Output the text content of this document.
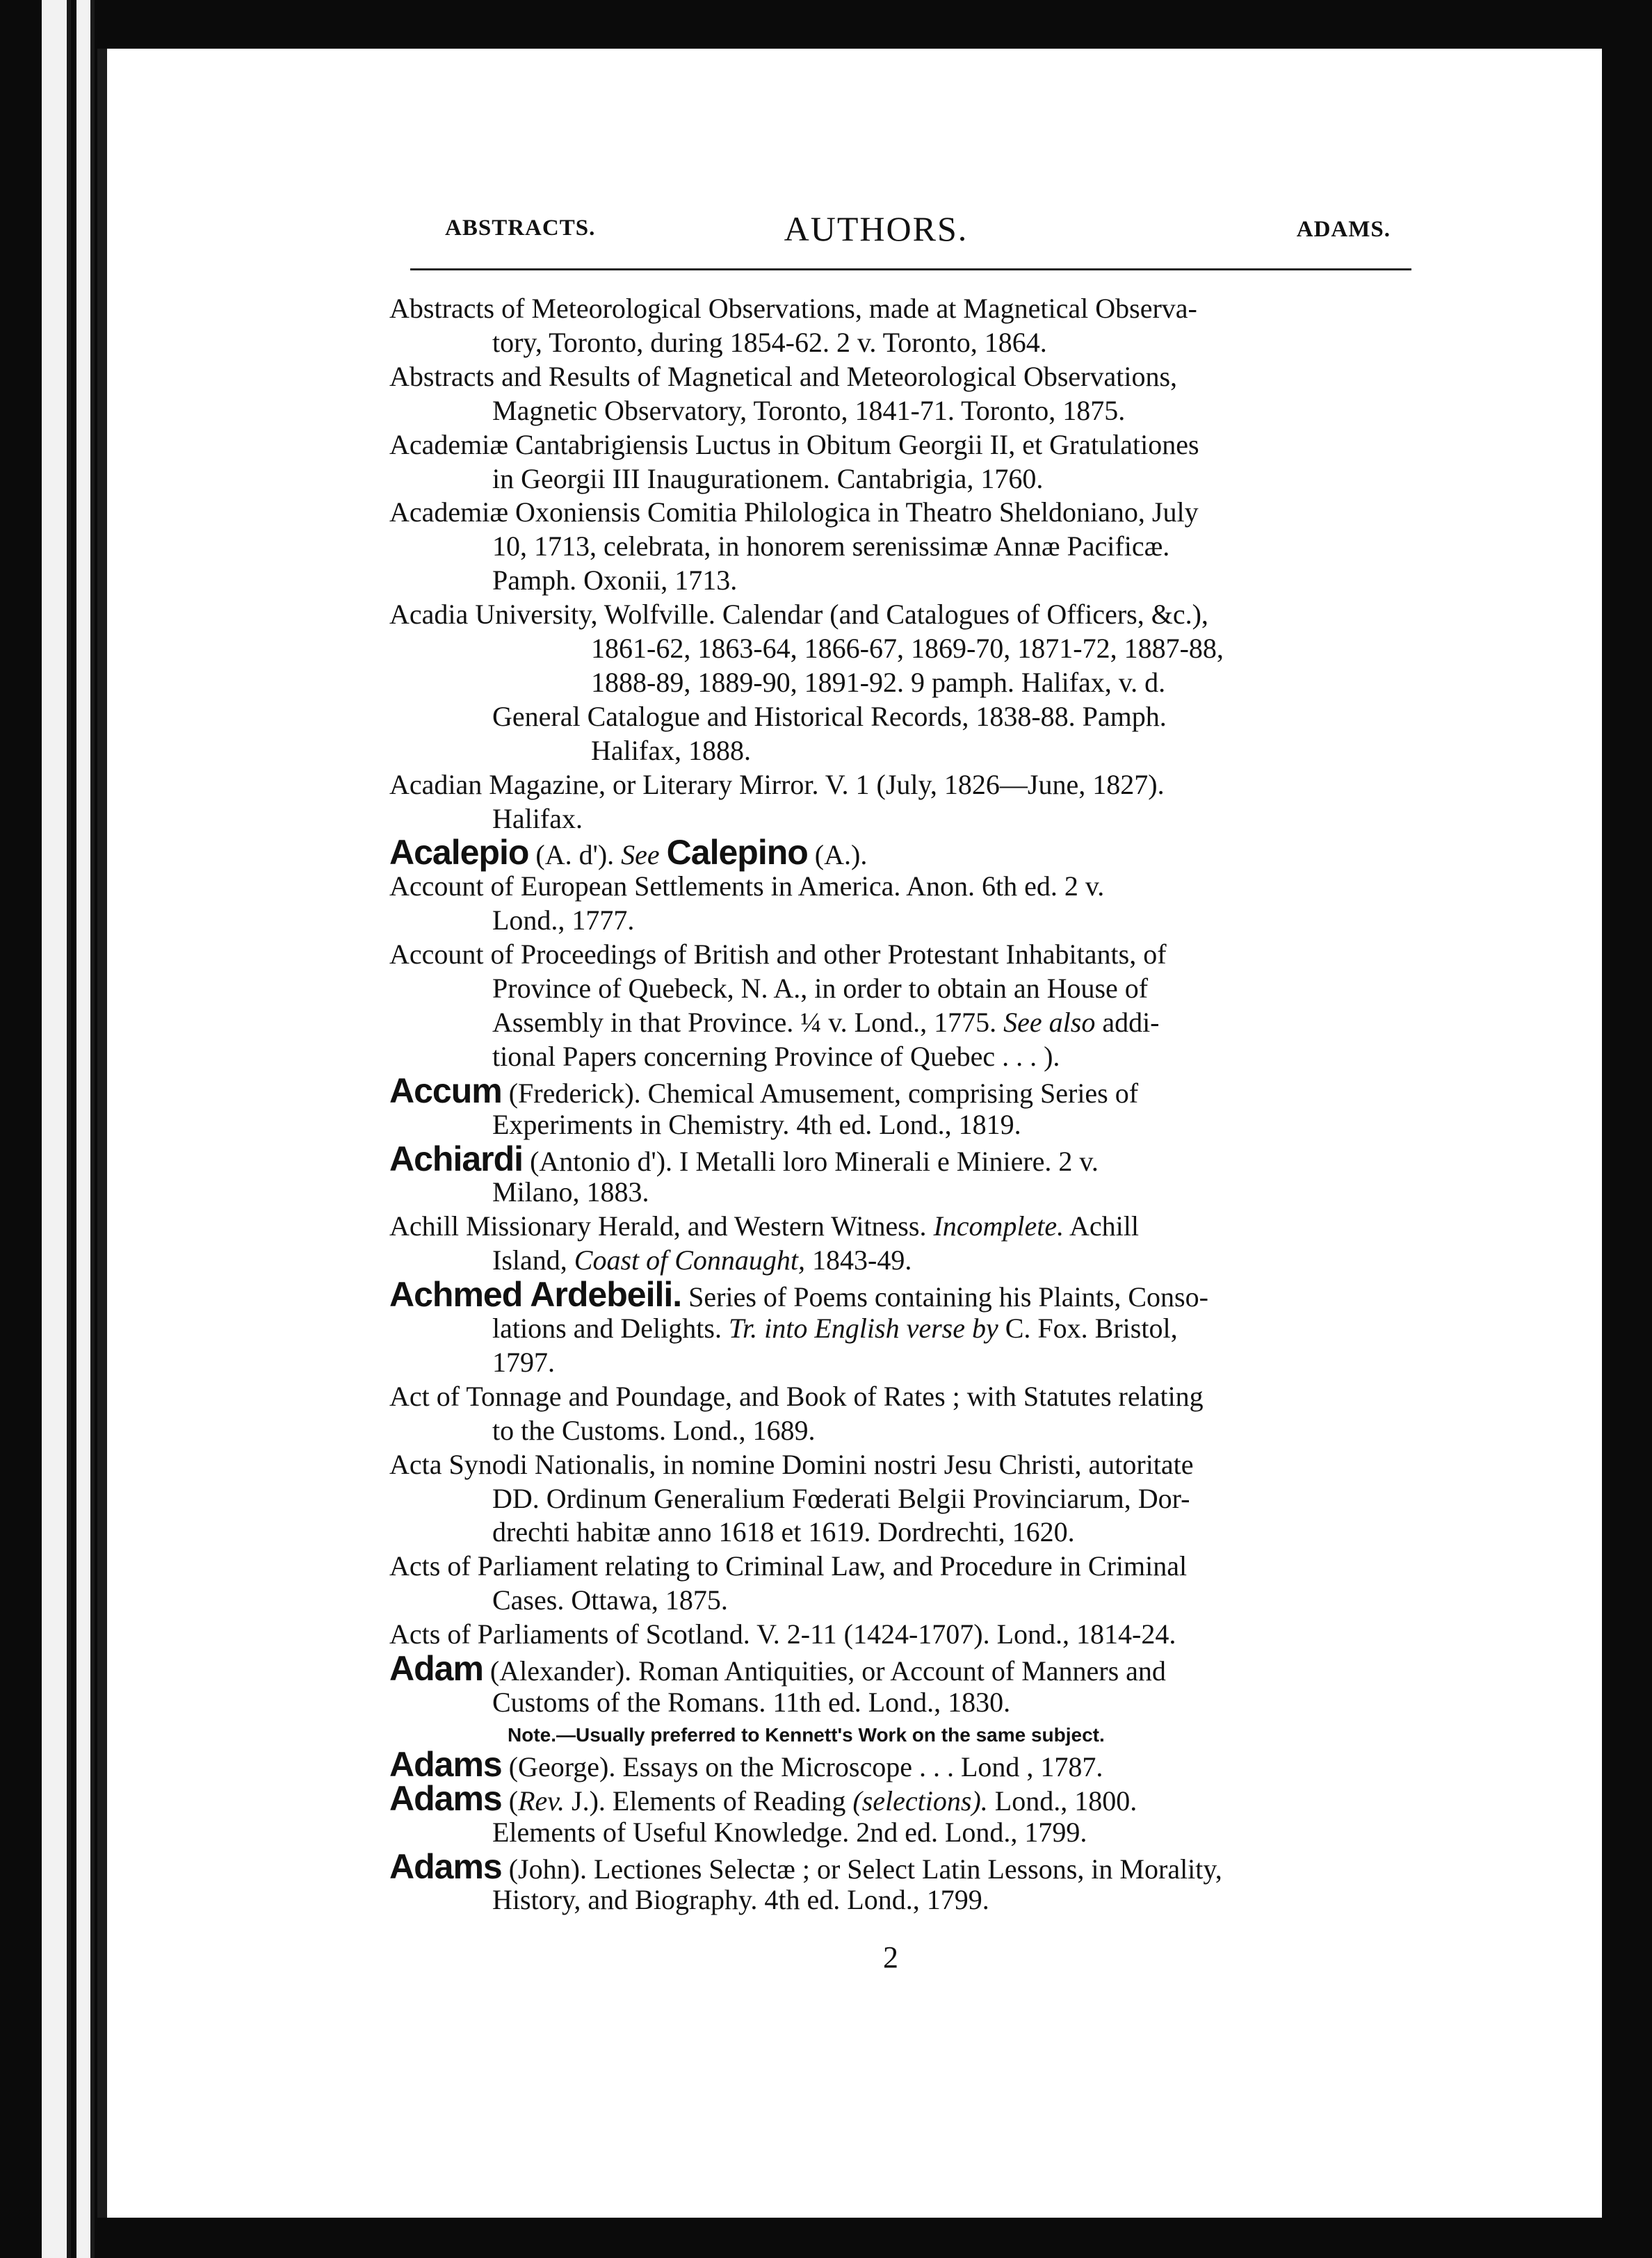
ABSTRACTS.	AUTHORS.	ADAMS.
Abstracts of Meteorological Observations, made at Magnetical Observa-
tory, Toronto, during 1854-62. 2 v. Toronto, 1864.
Abstracts and Results of Magnetical and Meteorological Observations,
Magnetic Observatory, Toronto, 1841-71. Toronto, 1875.
Academiæ Cantabrigiensis Luctus in Obitum Georgii II, et Gratulationes
in Georgii III Inaugurationem. Cantabrigia, 1760.
Academiæ Oxoniensis Comitia Philologica in Theatro Sheldoniano, July
10, 1713, celebrata, in honorem serenissimæ Annæ Pacificæ.
Pamph. Oxonii, 1713.
Acadia University, Wolfville. Calendar (and Catalogues of Officers, &c.),
1861-62, 1863-64, 1866-67, 1869-70, 1871-72, 1887-88,
1888-89, 1889-90, 1891-92. 9 pamph. Halifax, v. d.
General Catalogue and Historical Records, 1838-88. Pamph.
Halifax, 1888.
Acadian Magazine, or Literary Mirror. V. 1 (July, 1826—June, 1827).
Halifax.
Acalepio (A. d'). See Calepino (A.).
Account of European Settlements in America. Anon. 6th ed. 2 v.
Lond., 1777.
Account of Proceedings of British and other Protestant Inhabitants, of
Province of Quebeck, N. A., in order to obtain an House of
Assembly in that Province. ¼ v. Lond., 1775. See also addi-
tional Papers concerning Province of Quebec . . . ).
Accum (Frederick). Chemical Amusement, comprising Series of
Experiments in Chemistry. 4th ed. Lond., 1819.
Achiardi (Antonio d'). I Metalli loro Minerali e Miniere. 2 v.
Milano, 1883.
Achill Missionary Herald, and Western Witness. Incomplete. Achill
Island, Coast of Connaught, 1843-49.
Achmed Ardebeili. Series of Poems containing his Plaints, Conso-
lations and Delights. Tr. into English verse by C. Fox. Bristol,
1797.
Act of Tonnage and Poundage, and Book of Rates ; with Statutes relating
to the Customs. Lond., 1689.
Acta Synodi Nationalis, in nomine Domini nostri Jesu Christi, autoritate
DD. Ordinum Generalium Fœderati Belgii Provinciarum, Dor-
drechti habitæ anno 1618 et 1619. Dordrechti, 1620.
Acts of Parliament relating to Criminal Law, and Procedure in Criminal
Cases. Ottawa, 1875.
Acts of Parliaments of Scotland. V. 2-11 (1424-1707). Lond., 1814-24.
Adam (Alexander). Roman Antiquities, or Account of Manners and
Customs of the Romans. 11th ed. Lond., 1830.
Note.—Usually preferred to Kennett's Work on the same subject.
Adams (George). Essays on the Microscope . . . Lond , 1787.
Adams (Rev. J.). Elements of Reading (selections). Lond., 1800.
Elements of Useful Knowledge. 2nd ed. Lond., 1799.
Adams (John). Lectiones Selectæ ; or Select Latin Lessons, in Morality,
History, and Biography. 4th ed. Lond., 1799.
2
